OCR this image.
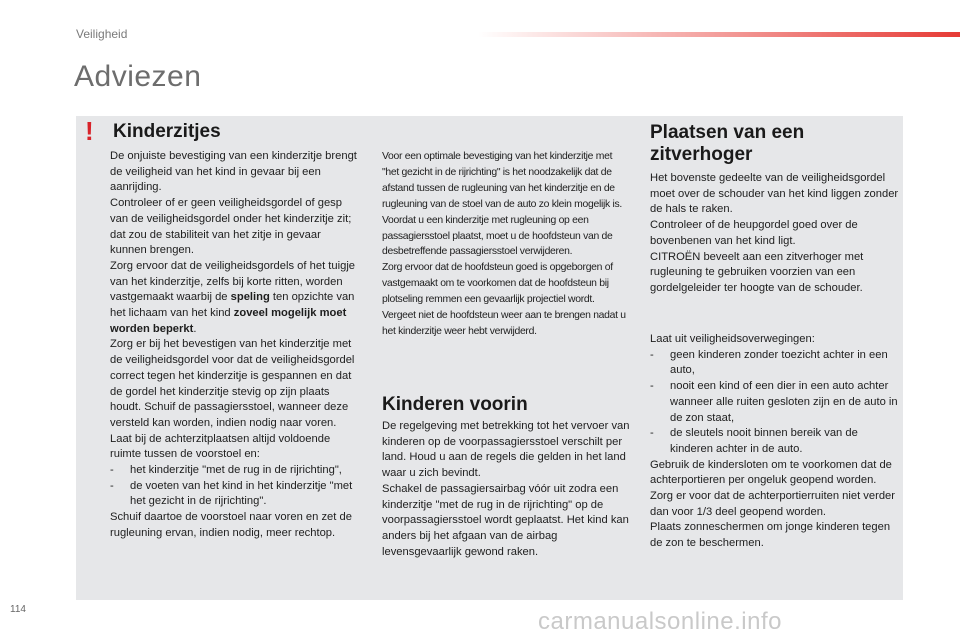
Veiligheid
Adviezen
! Kinderzitjes

De onjuiste bevestiging van een kinderzitje brengt de veiligheid van het kind in gevaar bij een aanrijding.

Controleer of er geen veiligheidsgordel of gesp van de veiligheidsgordel onder het kinderzitje zit; dat zou de stabiliteit van het zitje in gevaar kunnen brengen.

Zorg ervoor dat de veiligheidsgordels of het tuigje van het kinderzitje, zelfs bij korte ritten, worden vastgemaakt waarbij de speling ten opzichte van het lichaam van het kind zoveel mogelijk moet worden beperkt.

Zorg er bij het bevestigen van het kinderzitje met de veiligheidsgordel voor dat de veiligheidsgordel correct tegen het kinderzitje is gespannen en dat de gordel het kinderzitje stevig op zijn plaats houdt. Schuif de passagiersstoel, wanneer deze versteld kan worden, indien nodig naar voren.

Laat bij de achterzitplaatsen altijd voldoende ruimte tussen de voorstoel en:

-	het kinderzitje "met de rug in de rijrichting",
-	de voeten van het kind in het kinderzitje "met het gezicht in de rijrichting".

Schuif daartoe de voorstoel naar voren en zet de rugleuning ervan, indien nodig, meer rechtop.

Voor een optimale bevestiging van het kinderzitje met "het gezicht in de rijrichting" is het noodzakelijk dat de afstand tussen de rugleuning van het kinderzitje en de rugleuning van de stoel van de auto zo klein mogelijk is.

Voordat u een kinderzitje met rugleuning op een passagiersstoel plaatst, moet u de hoofdsteun van de desbetreffende passagiersstoel verwijderen.

Zorg ervoor dat de hoofdsteun goed is opgeborgen of vastgemaakt om te voorkomen dat de hoofdsteun bij plotseling remmen een gevaarlijk projectiel wordt.

Vergeet niet de hoofdsteun weer aan te brengen nadat u het kinderzitje weer hebt verwijderd.

Kinderen voorin

De regelgeving met betrekking tot het vervoer van kinderen op de voorpassagiersstoel verschilt per land. Houd u aan de regels die gelden in het land waar u zich bevindt.

Schakel de passagiersairbag vóór uit zodra een kinderzitje "met de rug in de rijrichting" op de voorpassagiersstoel wordt geplaatst. Het kind kan anders bij het afgaan van de airbag levensgevaarlijk gewond raken.

Plaatsen van een zitverhoger

Het bovenste gedeelte van de veiligheidsgordel moet over de schouder van het kind liggen zonder de hals te raken.

Controleer of de heupgordel goed over de bovenbenen van het kind ligt.

CITROËN beveelt aan een zitverhoger met rugleuning te gebruiken voorzien van een gordelgeleider ter hoogte van de schouder.

Laat uit veiligheidsoverwegingen:

-	geen kinderen zonder toezicht achter in een auto,
-	nooit een kind of een dier in een auto achter wanneer alle ruiten gesloten zijn en de auto in de zon staat,
-	de sleutels nooit binnen bereik van de kinderen achter in de auto.

Gebruik de kindersloten om te voorkomen dat de achterportieren per ongeluk geopend worden.

Zorg er voor dat de achterportierruiten niet verder dan voor 1/3 deel geopend worden.

Plaats zonneschermen om jonge kinderen tegen de zon te beschermen.

114	carmanualsonline.info
